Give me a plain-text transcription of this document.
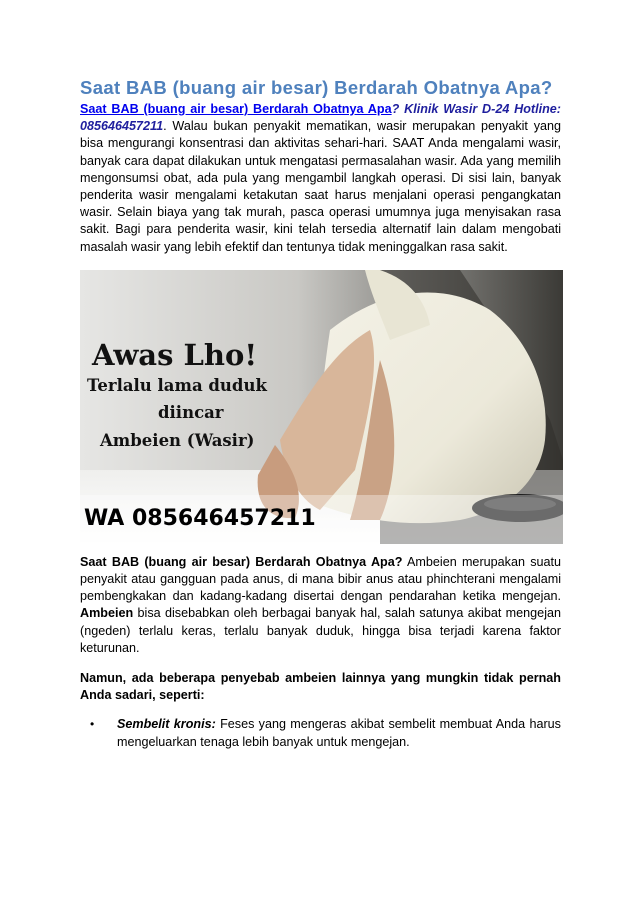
Saat BAB (buang air besar) Berdarah Obatnya Apa?

Saat BAB (buang air besar) Berdarah Obatnya Apa? Klinik Wasir D-24 Hotline: 085646457211. Walau bukan penyakit mematikan, wasir merupakan penyakit yang bisa mengurangi konsentrasi dan aktivitas sehari-hari. SAAT Anda mengalami wasir, banyak cara dapat dilakukan untuk mengatasi permasalahan wasir. Ada yang memilih mengonsumsi obat, ada pula yang mengambil langkah operasi. Di sisi lain, banyak penderita wasir mengalami ketakutan saat harus menjalani operasi pengangkatan wasir. Selain biaya yang tak murah, pasca operasi umumnya juga menyisakan rasa sakit. Bagi para penderita wasir, kini telah tersedia alternatif lain dalam mengobati masalah wasir yang lebih efektif dan tentunya tidak meninggalkan rasa sakit.

Awas Lho!
Terlalu lama duduk
diincar
Ambeien (Wasir)
WA 085646457211

Saat BAB (buang air besar) Berdarah Obatnya Apa? Ambeien merupakan suatu penyakit atau gangguan pada anus, di mana bibir anus atau phinchterani mengalami pembengkakan dan kadang-kadang disertai dengan pendarahan ketika mengejan. Ambeien bisa disebabkan oleh berbagai banyak hal, salah satunya akibat mengejan (ngeden) terlalu keras, terlalu banyak duduk, hingga bisa terjadi karena faktor keturunan.

Namun, ada beberapa penyebab ambeien lainnya yang mungkin tidak pernah Anda sadari, seperti:

• Sembelit kronis: Feses yang mengeras akibat sembelit membuat Anda harus mengeluarkan tenaga lebih banyak untuk mengejan.
